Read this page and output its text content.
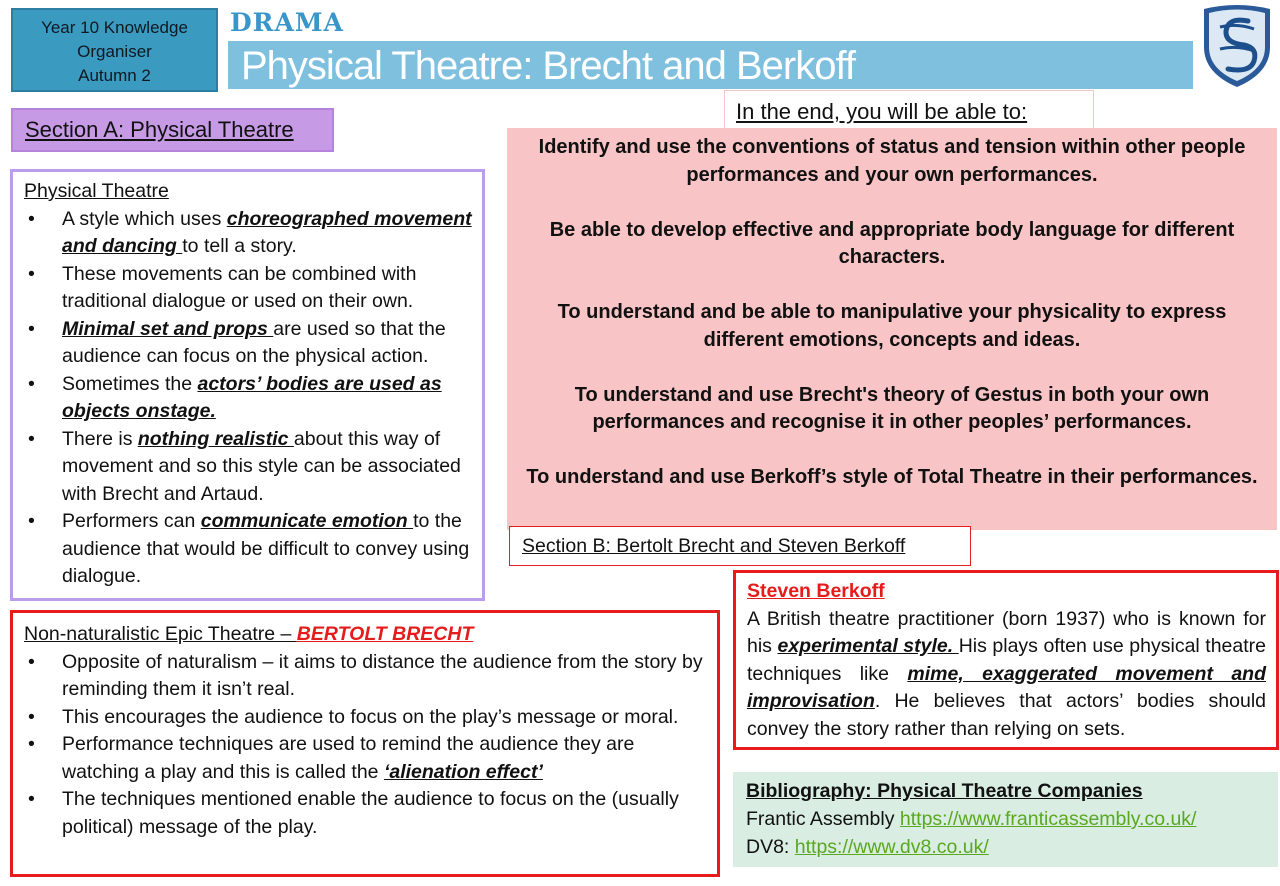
Year 10 Knowledge
Organiser
Autumn 2
DRAMA
Physical Theatre: Brecht and Berkoff
Section A: Physical Theatre
Physical Theatre
• A style which uses choreographed movement and dancing to tell a story.
• These movements can be combined with traditional dialogue or used on their own.
• Minimal set and props are used so that the audience can focus on the physical action.
• Sometimes the actors’ bodies are used as objects onstage.
• There is nothing realistic about this way of movement and so this style can be associated with Brecht and Artaud.
• Performers can communicate emotion to the audience that would be difficult to convey using dialogue.
In the end, you will be able to:

Identify and use the conventions of status and tension within other people performances and your own performances.

Be able to develop effective and appropriate body language for different characters.

To understand and be able to manipulative your physicality to express different emotions, concepts and ideas.

To understand and use Brecht's theory of Gestus in both your own performances and recognise it in other peoples’ performances.

To understand and use Berkoff’s style of Total Theatre in their performances.

Section B: Bertolt Brecht and Steven Berkoff
Steven Berkoff
A British theatre practitioner (born 1937) who is known for his experimental style. His plays often use physical theatre techniques like mime, exaggerated movement and improvisation. He believes that actors’ bodies should convey the story rather than relying on sets.
Non-naturalistic Epic Theatre – BERTOLT BRECHT
• Opposite of naturalism – it aims to distance the audience from the story by reminding them it isn’t real.
• This encourages the audience to focus on the play’s message or moral.
• Performance techniques are used to remind the audience they are watching a play and this is called the ‘alienation effect’
• The techniques mentioned enable the audience to focus on the (usually political) message of the play.
Bibliography: Physical Theatre Companies
Frantic Assembly https://www.franticassembly.co.uk/
DV8: https://www.dv8.co.uk/
